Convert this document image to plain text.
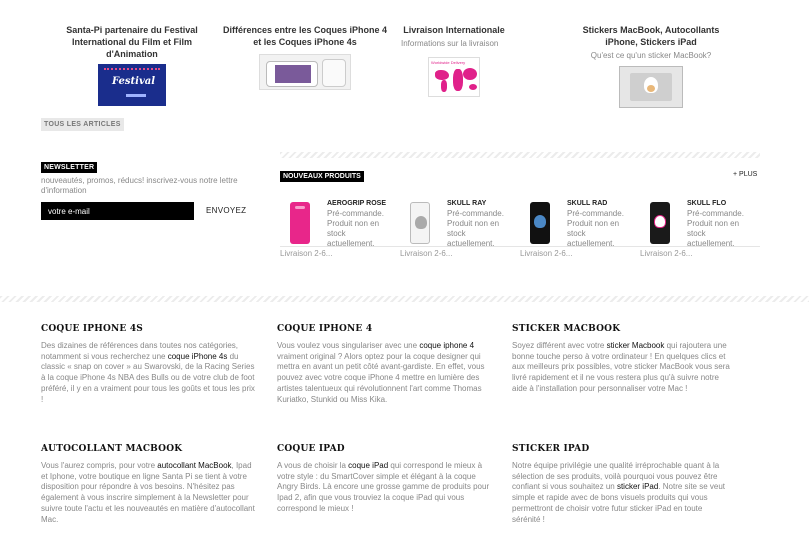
Santa-Pi partenaire du Festival International du Film et Film d'Animation
Festival
Différences entre les Coques iPhone 4 et les Coques iPhone 4s
Livraison Internationale
Informations sur la livraison
Worldwide Delivery
Stickers MacBook, Autocollants iPhone, Stickers iPad
Qu'est ce qu'un sticker MacBook?
TOUS LES ARTICLES
NEWSLETTER
nouveautés, promos, réducs! inscrivez-vous notre lettre d'information
votre e-mail
ENVOYEZ
NOUVEAUX PRODUITS	+ PLUS
AEROGRIP ROSE
Pré-commande. Produit non en stock actuellement.
Livraison 2-6...
SKULL RAY
Pré-commande. Produit non en stock actuellement.
Livraison 2-6...
SKULL RAD
Pré-commande. Produit non en stock actuellement.
Livraison 2-6...
SKULL FLO
Pré-commande. Produit non en stock actuellement.
Livraison 2-6...
COQUE IPHONE 4S
Des dizaines de références dans toutes nos catégories, notamment si vous recherchez une coque iPhone 4s du classic « snap on cover » au Swarovski, de la Racing Series à la coque iPhone 4s NBA des Bulls ou de votre club de foot préféré, il y en a vraiment pour tous les goûts et tous les prix !
COQUE IPHONE 4
Vous voulez vous singulariser avec une coque iphone 4 vraiment original ? Alors optez pour la coque designer qui mettra en avant un petit côté avant-gardiste. En effet, vous pouvez avec votre coque iPhone 4 mettre en lumière des artistes talentueux qui révolutionnent l'art comme Thomas Kuriatko, Stunkid ou Miss Kika.
STICKER MACBOOK
Soyez différent avec votre sticker Macbook qui rajoutera une bonne touche perso à votre ordinateur ! En quelques clics et aux meilleurs prix possibles, votre sticker MacBook vous sera livré rapidement et il ne vous restera plus qu'à suivre notre aide à l'installation pour personnaliser votre Mac !
AUTOCOLLANT MACBOOK
Vous l'aurez compris, pour votre autocollant MacBook, Ipad et Iphone, votre boutique en ligne Santa Pi se tient à votre disposition pour répondre à vos besoins. N'hésitez pas également à vous inscrire simplement à la Newsletter pour suivre toute l'actu et les nouveautés en matière d'autocollant Mac.
COQUE IPAD
A vous de choisir la coque iPad qui correspond le mieux à votre style : du SmartCover simple et élégant à la coque Angry Birds. Là encore une grosse gamme de produits pour Ipad 2, afin que vous trouviez la coque iPad qui vous correspond le mieux !
STICKER IPAD
Notre équipe privilégie une qualité irréprochable quant à la sélection de ses produits, voilà pourquoi vous pouvez être confiant si vous souhaitez un sticker iPad. Notre site se veut simple et rapide avec de bons visuels produits qui vous permettront de choisir votre futur sticker iPad en toute sérénité !
